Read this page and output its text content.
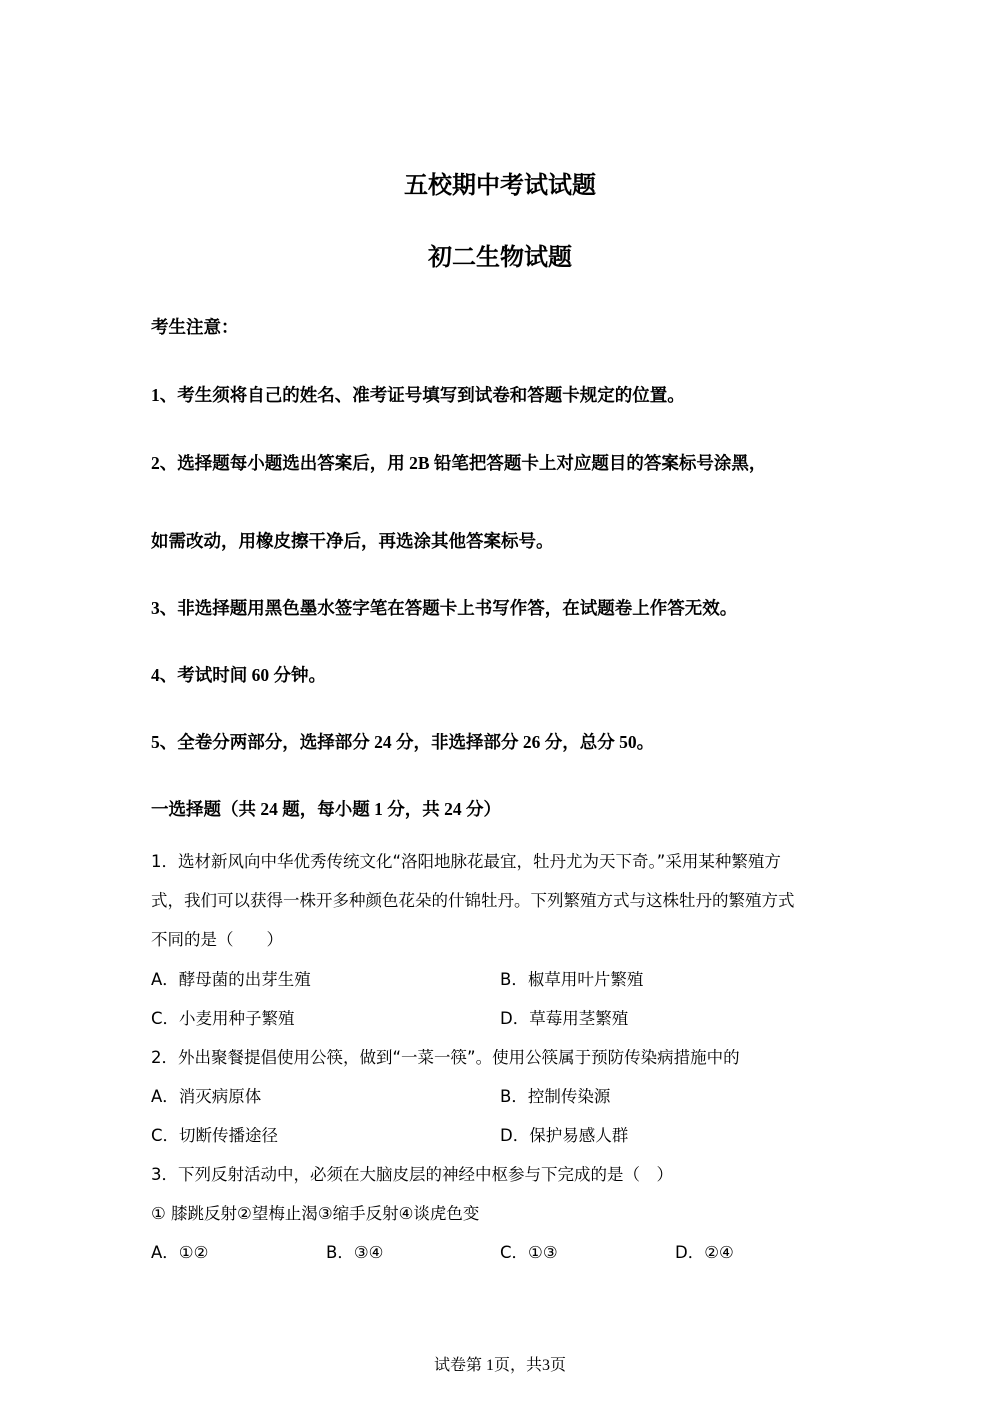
五校期中考试试题
初二生物试题
考生注意：
1、考生须将自己的姓名、准考证号填写到试卷和答题卡规定的位置。
2、选择题每小题选出答案后，用 2B 铅笔把答题卡上对应题目的答案标号涂黑，
如需改动，用橡皮擦干净后，再选涂其他答案标号。
3、非选择题用黑色墨水签字笔在答题卡上书写作答，在试题卷上作答无效。
4、考试时间 60 分钟。
5、全卷分两部分，选择部分 24 分，非选择部分 26 分，总分 50。
一选择题（共 24 题，每小题 1 分，共 24 分）
1．选材新风向中华优秀传统文化“洛阳地脉花最宜，牡丹尤为天下奇。”采用某种繁殖方
式，我们可以获得一株开多种颜色花朵的什锦牡丹。下列繁殖方式与这株牡丹的繁殖方式
不同的是（　　）
A．酵母菌的出芽生殖	B．椒草用叶片繁殖
C．小麦用种子繁殖	D．草莓用茎繁殖
2．外出聚餐提倡使用公筷，做到“一菜一筷”。使用公筷属于预防传染病措施中的
A．消灭病原体	B．控制传染源
C．切断传播途径	D．保护易感人群
3．下列反射活动中，必须在大脑皮层的神经中枢参与下完成的是（　）
① 膝跳反射②望梅止渴③缩手反射④谈虎色变
A．①②	B．③④	C．①③	D．②④
试卷第 1页，共3页
